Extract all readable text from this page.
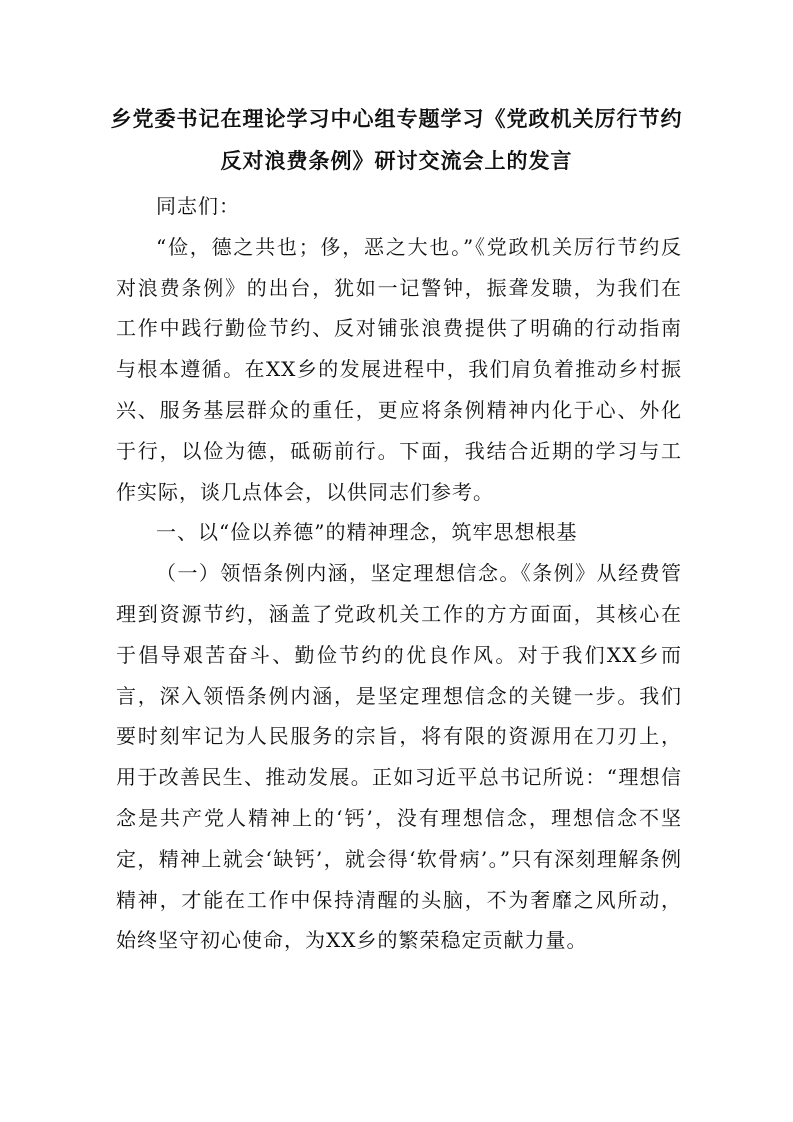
乡党委书记在理论学习中心组专题学习《党政机关厉行节约
反对浪费条例》研讨交流会上的发言

同志们：

“俭，德之共也；侈，恶之大也。”《党政机关厉行节约反对浪费条例》的出台，犹如一记警钟，振聋发聩，为我们在工作中践行勤俭节约、反对铺张浪费提供了明确的行动指南与根本遵循。在XX乡的发展进程中，我们肩负着推动乡村振兴、服务基层群众的重任，更应将条例精神内化于心、外化于行，以俭为德，砥砺前行。下面，我结合近期的学习与工作实际，谈几点体会，以供同志们参考。

一、以“俭以养德”的精神理念，筑牢思想根基

（一）领悟条例内涵，坚定理想信念。《条例》从经费管理到资源节约，涵盖了党政机关工作的方方面面，其核心在于倡导艰苦奋斗、勤俭节约的优良作风。对于我们XX乡而言，深入领悟条例内涵，是坚定理想信念的关键一步。我们要时刻牢记为人民服务的宗旨，将有限的资源用在刀刃上，用于改善民生、推动发展。正如习近平总书记所说：“理想信念是共产党人精神上的‘钙’，没有理想信念，理想信念不坚定，精神上就会‘缺钙’，就会得‘软骨病’。”只有深刻理解条例精神，才能在工作中保持清醒的头脑，不为奢靡之风所动，始终坚守初心使命，为XX乡的繁荣稳定贡献力量。
